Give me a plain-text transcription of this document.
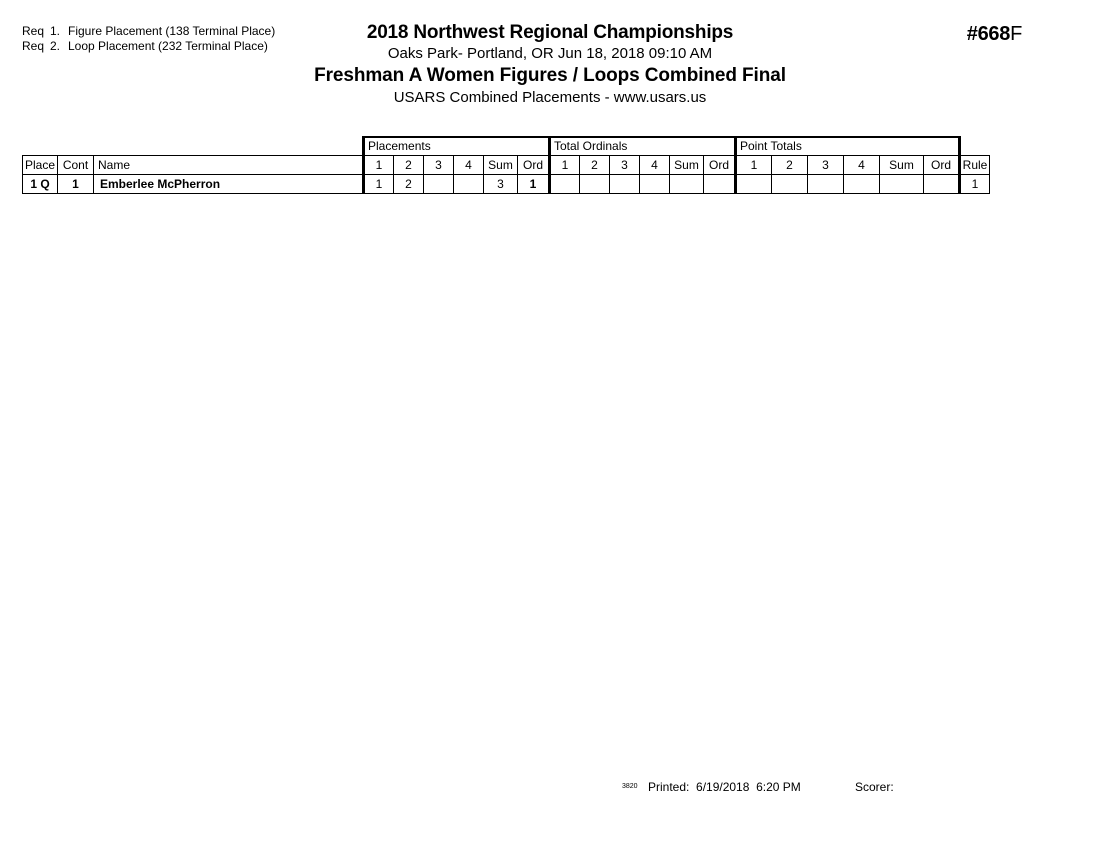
Req 1. Figure Placement (138 Terminal Place)
Req 2. Loop Placement (232 Terminal Place)
2018 Northwest Regional Championships
Oaks Park- Portland, OR Jun 18, 2018 09:10 AM
Freshman A Women Figures / Loops Combined Final
USARS Combined Placements - www.usars.us
#668F
			Placements						Total Ordinals						Point Totals						
Place	Cont	Name	1	2	3	4	Sum	Ord	1	2	3	4	Sum	Ord	1	2	3	4	Sum	Ord	Rule
1 Q	1	Emberlee McPherron	1	2			3	1													1
3820 Printed:  6/19/2018  6:20 PM	Scorer:
